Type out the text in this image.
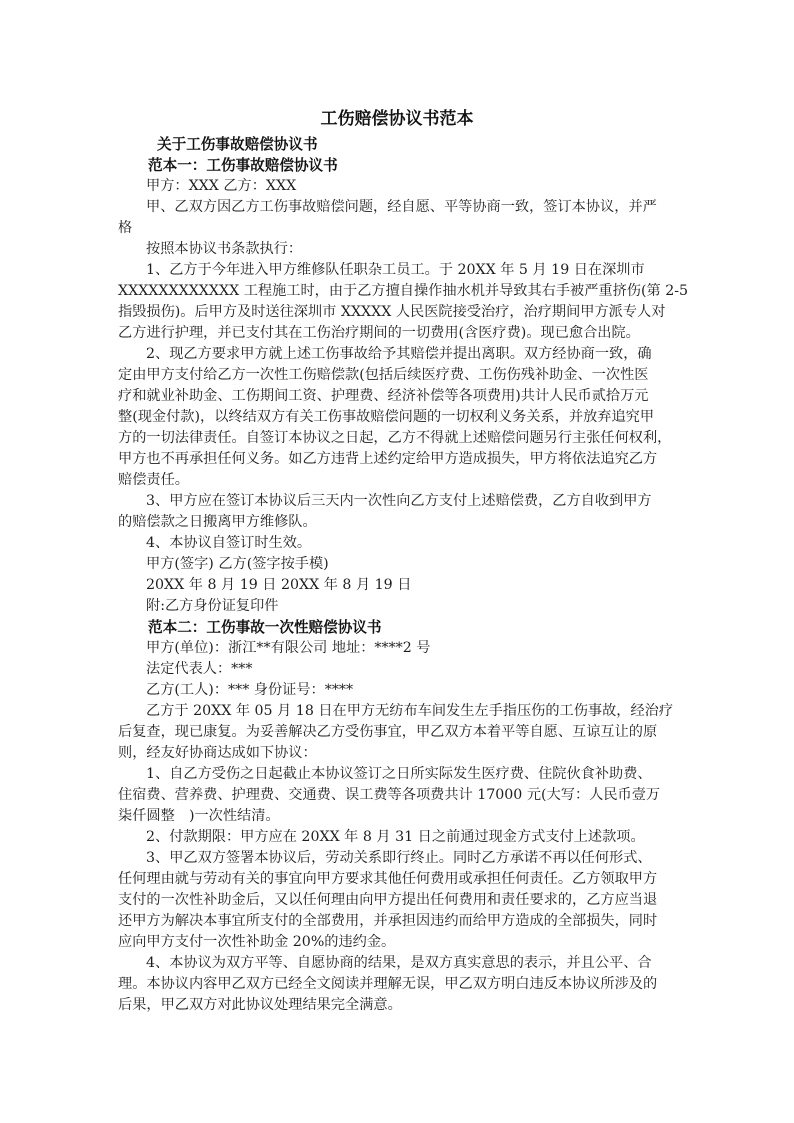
工伤赔偿协议书范本
关于工伤事故赔偿协议书
范本一：工伤事故赔偿协议书
甲方：XXX 乙方：XXX
甲、乙双方因乙方工伤事故赔偿问题，经自愿、平等协商一致，签订本协议，并严
格
按照本协议书条款执行：
1、乙方于今年进入甲方维修队任职杂工员工。于 20XX 年 5 月 19 日在深圳市
XXXXXXXXXXXX 工程施工时，由于乙方擅自操作抽水机并导致其右手被严重挤伤(第 2-5
指毁损伤)。后甲方及时送往深圳市 XXXXX 人民医院接受治疗，治疗期间甲方派专人对
乙方进行护理，并已支付其在工伤治疗期间的一切费用(含医疗费)。现已愈合出院。
2、现乙方要求甲方就上述工伤事故给予其赔偿并提出离职。双方经协商一致，确
定由甲方支付给乙方一次性工伤赔偿款(包括后续医疗费、工伤伤残补助金、一次性医
疗和就业补助金、工伤期间工资、护理费、经济补偿等各项费用)共计人民币贰拾万元
整(现金付款)，以终结双方有关工伤事故赔偿问题的一切权利义务关系，并放弃追究甲
方的一切法律责任。自签订本协议之日起，乙方不得就上述赔偿问题另行主张任何权利，
甲方也不再承担任何义务。如乙方违背上述约定给甲方造成损失，甲方将依法追究乙方
赔偿责任。
3、甲方应在签订本协议后三天内一次性向乙方支付上述赔偿费，乙方自收到甲方
的赔偿款之日搬离甲方维修队。
4、本协议自签订时生效。
甲方(签字) 乙方(签字按手模)
20XX 年 8 月 19 日 20XX 年 8 月 19 日
附:乙方身份证复印件
范本二：工伤事故一次性赔偿协议书
甲方(单位)：浙江**有限公司 地址：****2 号
法定代表人：***
乙方(工人)：*** 身份证号：****
乙方于 20XX 年 05 月 18 日在甲方无纺布车间发生左手指压伤的工伤事故，经治疗
后复查，现已康复。为妥善解决乙方受伤事宜，甲乙双方本着平等自愿、互谅互让的原
则，经友好协商达成如下协议：
1、自乙方受伤之日起截止本协议签订之日所实际发生医疗费、住院伙食补助费、
住宿费、营养费、护理费、交通费、误工费等各项费共计 17000 元(大写：人民币壹万
柒仟圆整　)一次性结清。
2、付款期限：甲方应在 20XX 年 8 月 31 日之前通过现金方式支付上述款项。
3、甲乙双方签署本协议后，劳动关系即行终止。同时乙方承诺不再以任何形式、
任何理由就与劳动有关的事宜向甲方要求其他任何费用或承担任何责任。乙方领取甲方
支付的一次性补助金后，又以任何理由向甲方提出任何费用和责任要求的，乙方应当退
还甲方为解决本事宜所支付的全部费用，并承担因违约而给甲方造成的全部损失，同时
应向甲方支付一次性补助金 20%的违约金。
4、本协议为双方平等、自愿协商的结果，是双方真实意思的表示，并且公平、合
理。本协议内容甲乙双方已经全文阅读并理解无误，甲乙双方明白违反本协议所涉及的
后果，甲乙双方对此协议处理结果完全满意。
